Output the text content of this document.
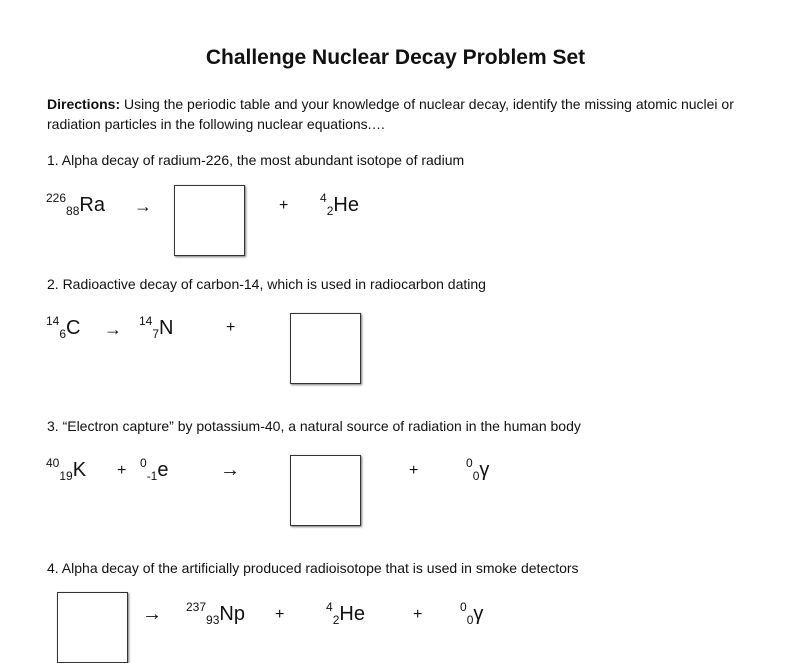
Challenge Nuclear Decay Problem Set
Directions: Using the periodic table and your knowledge of nuclear decay, identify the missing atomic nuclei or radiation particles in the following nuclear equations.…
1. Alpha decay of radium-226, the most abundant isotope of radium
$^{226}_{88}$Ra →	+	$^4_2$He
2. Radioactive decay of carbon-14, which is used in radiocarbon dating
$^{14}_6$C → $^{14}_7$N	+
3. “Electron capture” by potassium-40, a natural source of radiation in the human body
$^{40}_{19}$K + $^0_{-1}$e	→	+	$^0_0$γ
4. Alpha decay of the artificially produced radioisotope that is used in smoke detectors
→ $^{237}_{93}$Np +	$^4_2$He	+	$^0_0$γ
